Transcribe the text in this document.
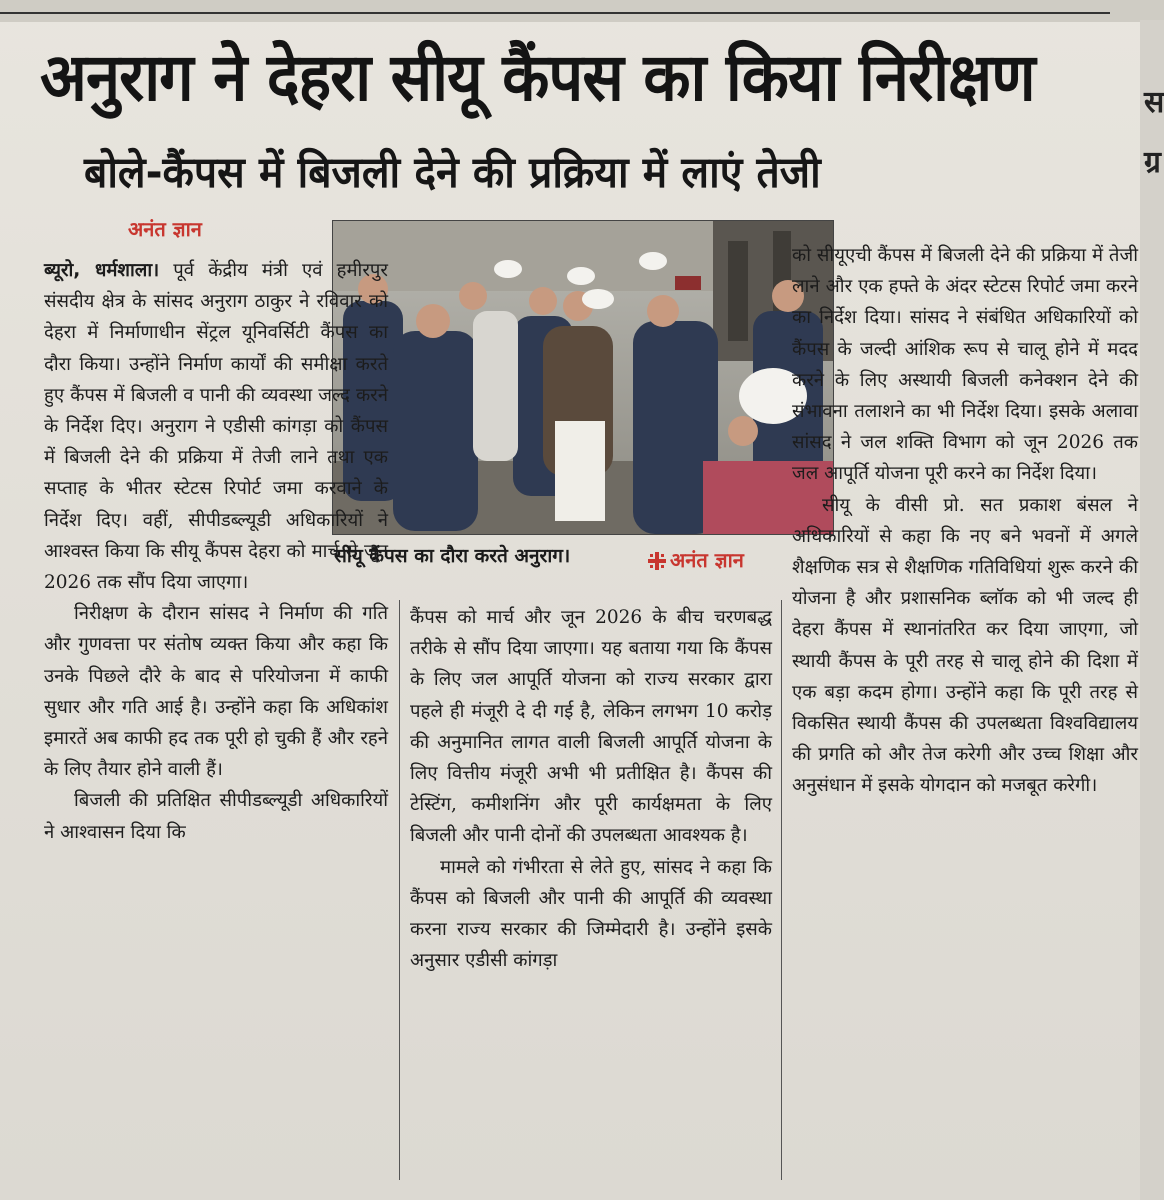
अनुराग ने देहरा सीयू कैंपस का किया निरीक्षण
बोले-कैंपस में बिजली देने की प्रक्रिया में लाएं तेजी
अनंत ज्ञान
सीयू कैंपस का दौरा करते अनुराग।	अनंत ज्ञान

ब्यूरो, धर्मशाला। पूर्व केंद्रीय मंत्री एवं हमीरपुर संसदीय क्षेत्र के सांसद अनुराग ठाकुर ने रविवार को देहरा में निर्माणाधीन सेंट्रल यूनिवर्सिटी कैंपस का दौरा किया। उन्होंने निर्माण कार्यों की समीक्षा करते हुए कैंपस में बिजली व पानी की व्यवस्था जल्द करने के निर्देश दिए। अनुराग ने एडीसी कांगड़ा को कैंपस में बिजली देने की प्रक्रिया में तेजी लाने तथा एक सप्ताह के भीतर स्टेटस रिपोर्ट जमा करवाने के निर्देश दिए। वहीं, सीपीडब्ल्यूडी अधिकारियों ने आश्वस्त किया कि सीयू कैंपस देहरा को मार्च से जून 2026 तक सौंप दिया जाएगा।

निरीक्षण के दौरान सांसद ने निर्माण की गति और गुणवत्ता पर संतोष व्यक्त किया और कहा कि उनके पिछले दौरे के बाद से परियोजना में काफी सुधार और गति आई है। उन्होंने कहा कि अधिकांश इमारतें अब काफी हद तक पूरी हो चुकी हैं और रहने के लिए तैयार होने वाली हैं।

बिजली की प्रतिक्षित सीपीडब्ल्यूडी अधिकारियों ने आश्वासन दिया कि

कैंपस को मार्च और जून 2026 के बीच चरणबद्ध तरीके से सौंप दिया जाएगा। यह बताया गया कि कैंपस के लिए जल आपूर्ति योजना को राज्य सरकार द्वारा पहले ही मंजूरी दे दी गई है, लेकिन लगभग 10 करोड़ की अनुमानित लागत वाली बिजली आपूर्ति योजना के लिए वित्तीय मंजूरी अभी भी प्रतीक्षित है। कैंपस की टेस्टिंग, कमीशनिंग और पूरी कार्यक्षमता के लिए बिजली और पानी दोनों की उपलब्धता आवश्यक है।

मामले को गंभीरता से लेते हुए, सांसद ने कहा कि कैंपस को बिजली और पानी की आपूर्ति की व्यवस्था करना राज्य सरकार की जिम्मेदारी है। उन्होंने इसके अनुसार एडीसी कांगड़ा

को सीयूएची कैंपस में बिजली देने की प्रक्रिया में तेजी लाने और एक हफ्ते के अंदर स्टेटस रिपोर्ट जमा करने का निर्देश दिया। सांसद ने संबंधित अधिकारियों को कैंपस के जल्दी आंशिक रूप से चालू होने में मदद करने के लिए अस्थायी बिजली कनेक्शन देने की संभावना तलाशने का भी निर्देश दिया। इसके अलावा सांसद ने जल शक्ति विभाग को जून 2026 तक जल आपूर्ति योजना पूरी करने का निर्देश दिया।

सीयू के वीसी प्रो. सत प्रकाश बंसल ने अधिकारियों से कहा कि नए बने भवनों में अगले शैक्षणिक सत्र से शैक्षणिक गतिविधियां शुरू करने की योजना है और प्रशासनिक ब्लॉक को भी जल्द ही देहरा कैंपस में स्थानांतरित कर दिया जाएगा, जो स्थायी कैंपस के पूरी तरह से चालू होने की दिशा में एक बड़ा कदम होगा। उन्होंने कहा कि पूरी तरह से विकसित स्थायी कैंपस की उपलब्धता विश्वविद्यालय की प्रगति को और तेज करेगी और उच्च शिक्षा और अनुसंधान में इसके योगदान को मजबूत करेगी।

स
ग्र
